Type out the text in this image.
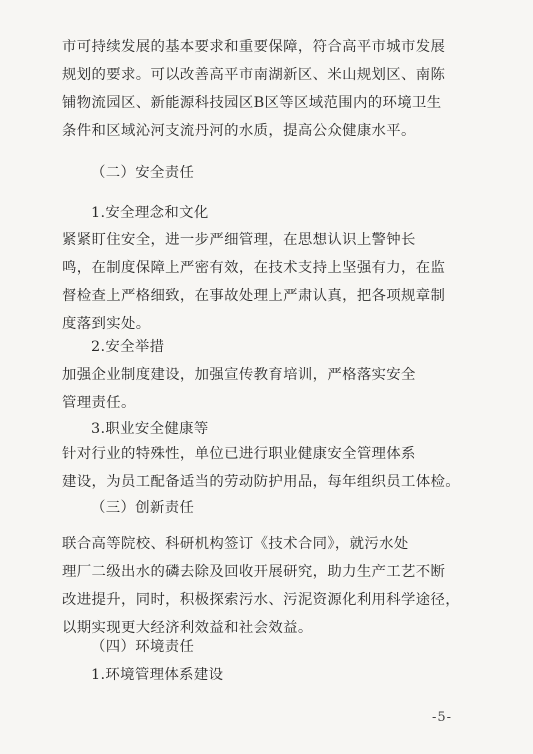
市可持续发展的基本要求和重要保障，符合高平市城市发展
规划的要求。可以改善高平市南湖新区、米山规划区、南陈
铺物流园区、新能源科技园区B区等区域范围内的环境卫生
条件和区域沁河支流丹河的水质，提高公众健康水平。
（二）安全责任
1.安全理念和文化
紧紧盯住安全，进一步严细管理，在思想认识上警钟长
鸣，在制度保障上严密有效，在技术支持上坚强有力，在监
督检查上严格细致，在事故处理上严肃认真，把各项规章制
度落到实处。
2.安全举措
加强企业制度建设，加强宣传教育培训，严格落实安全
管理责任。
3.职业安全健康等
针对行业的特殊性，单位已进行职业健康安全管理体系
建设，为员工配备适当的劳动防护用品，每年组织员工体检。
（三）创新责任
联合高等院校、科研机构签订《技术合同》，就污水处
理厂二级出水的磷去除及回收开展研究，助力生产工艺不断
改进提升，同时，积极探索污水、污泥资源化利用科学途径，
以期实现更大经济利效益和社会效益。
（四）环境责任
1.环境管理体系建设
-5-
